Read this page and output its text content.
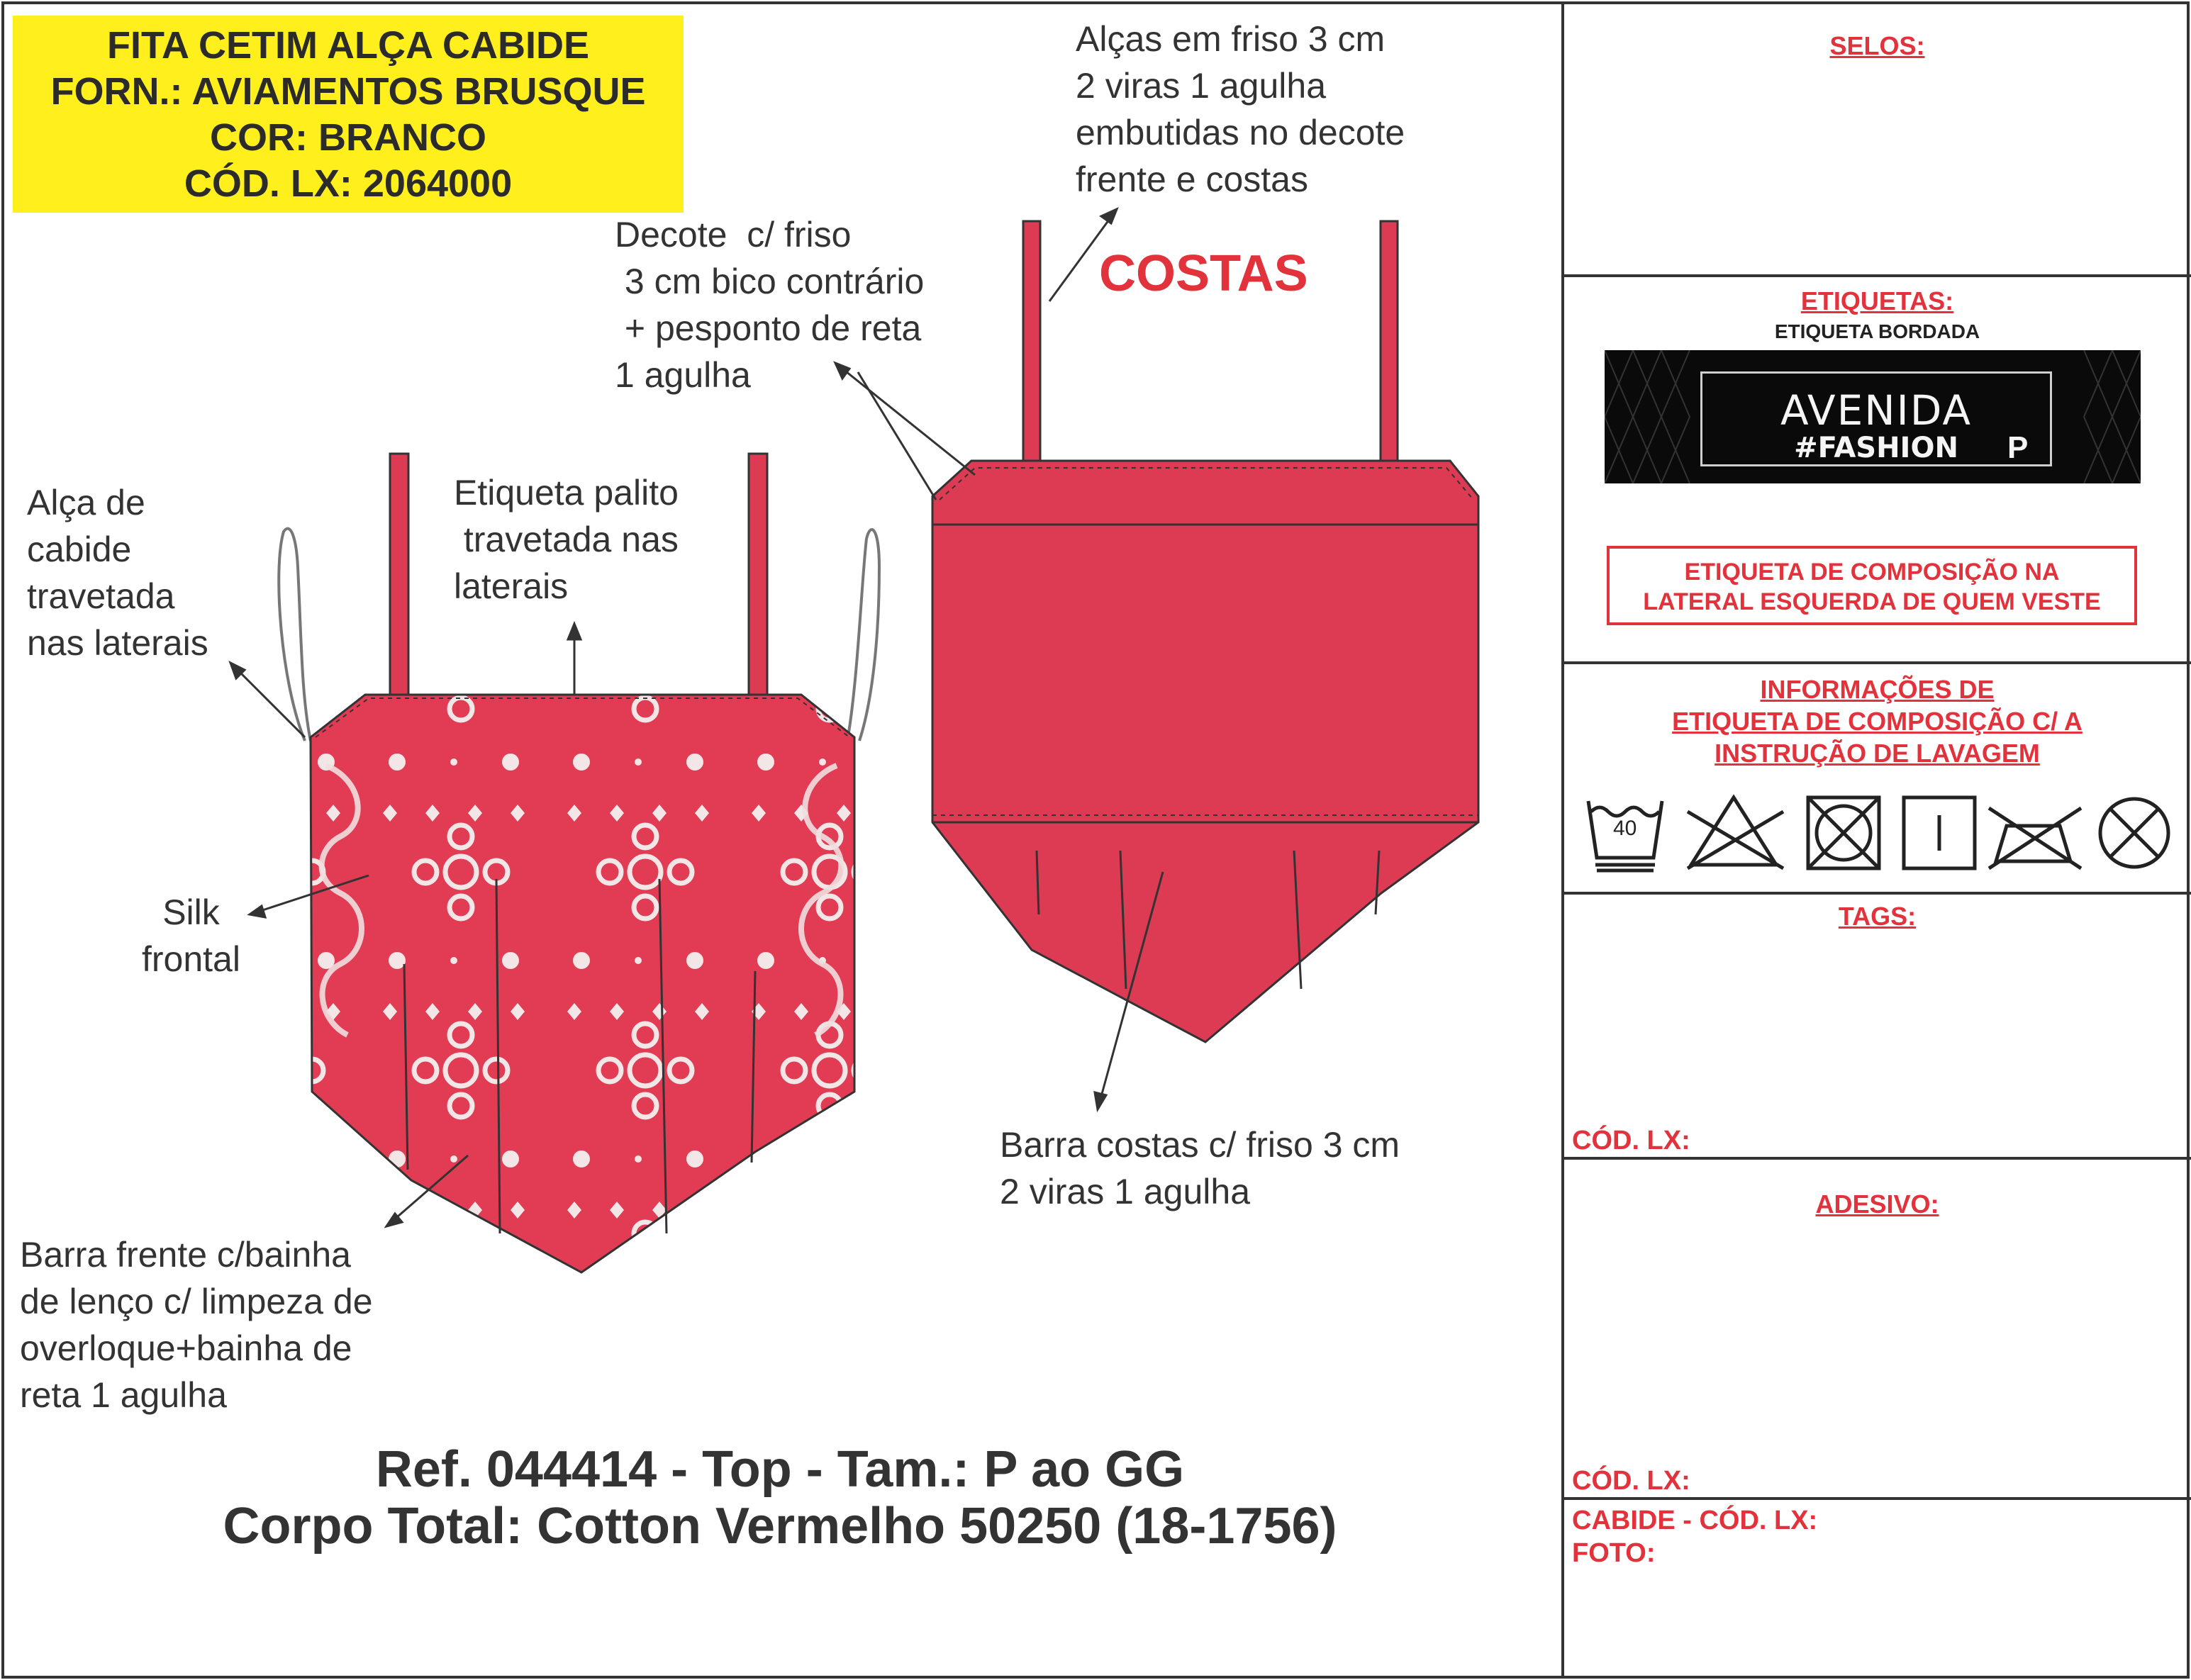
FITA CETIM ALÇA CABIDE
FORN.: AVIAMENTOS BRUSQUE
COR: BRANCO
CÓD. LX: 2064000
COSTAS
Alças em friso 3 cm
2 viras 1 agulha
embutidas no decote
frente e costas
Decote  c/ friso
3 cm bico contrário
+ pesponto de reta
1 agulha
Alça de
cabide
travetada
nas laterais
Etiqueta palito
travetada nas
laterais
Silk
frontal
Barra costas c/ friso 3 cm
2 viras 1 agulha
Barra frente c/bainha
de lenço c/ limpeza de
overloque+bainha de
reta 1 agulha
Ref. 044414 - Top - Tam.: P ao GG
Corpo Total: Cotton Vermelho 50250 (18-1756)
SELOS:
ETIQUETAS:
ETIQUETA BORDADA
AVENIDA
#FASHION	P
ETIQUETA DE COMPOSIÇÃO NA
LATERAL ESQUERDA DE QUEM VESTE
INFORMAÇÕES DE
ETIQUETA DE COMPOSIÇÃO C/ A
INSTRUÇÃO DE LAVAGEM
40
TAGS:
CÓD. LX:
ADESIVO:
CÓD. LX:
CABIDE - CÓD. LX:
FOTO:
